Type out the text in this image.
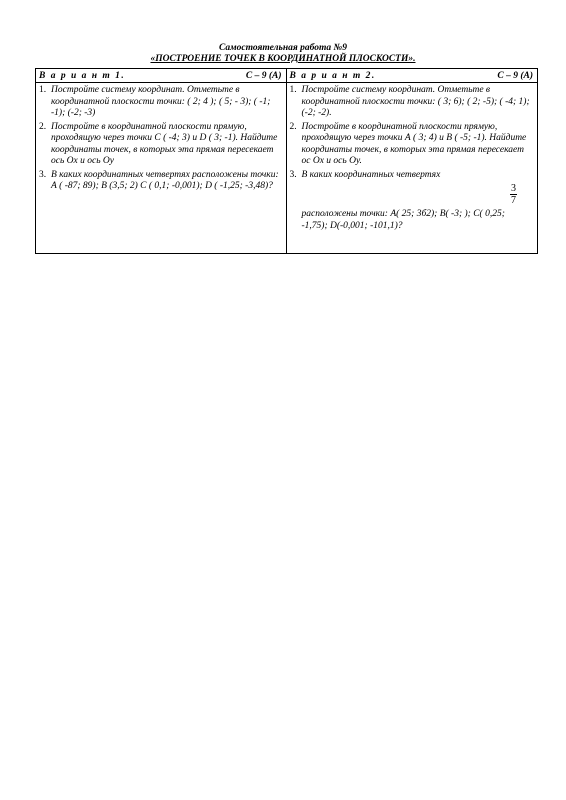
Самостоятельная работа №9
«ПОСТРОЕНИЕ ТОЧЕК В КООРДИНАТНОЙ ПЛОСКОСТИ».
В а р и а н т 1.	С – 9 (А)
1. Постройте систему координат. Отметьте в координатной плоскости точки: ( 2; 4 ); ( 5; - 3); ( -1; -1); (-2; -3)
2. Постройте в координатной плоскости прямую, проходящую через точки С ( -4; 3) и D ( 3; -1). Найдите координаты точек, в которых эта прямая пересекает ось Ох и ось Оу
3. В каких координатных четвертях расположены точки: А ( -87; 89); В (3,5; 2) С ( 0,1; -0,001); D ( -1,25; -3,48)?
В а р и а н т 2.	С – 9 (А)
1. Постройте систему координат. Отметьте в координатной плоскости точки: ( 3; 6); ( 2; -5); ( -4; 1); (-2; -2).
2. Постройте в координатной плоскости прямую, проходящую через точки А ( 3; 4) и В ( -5; -1). Найдите координаты точек, в которых эта прямая пересекает ос Ох и ось Оу.
3. В каких координатных четвертях
$\frac{3}{7}$
расположены точки: А( 25; 3б2); В( -3; ); С( 0,25; -1,75); D(-0,001; -101,1)?
